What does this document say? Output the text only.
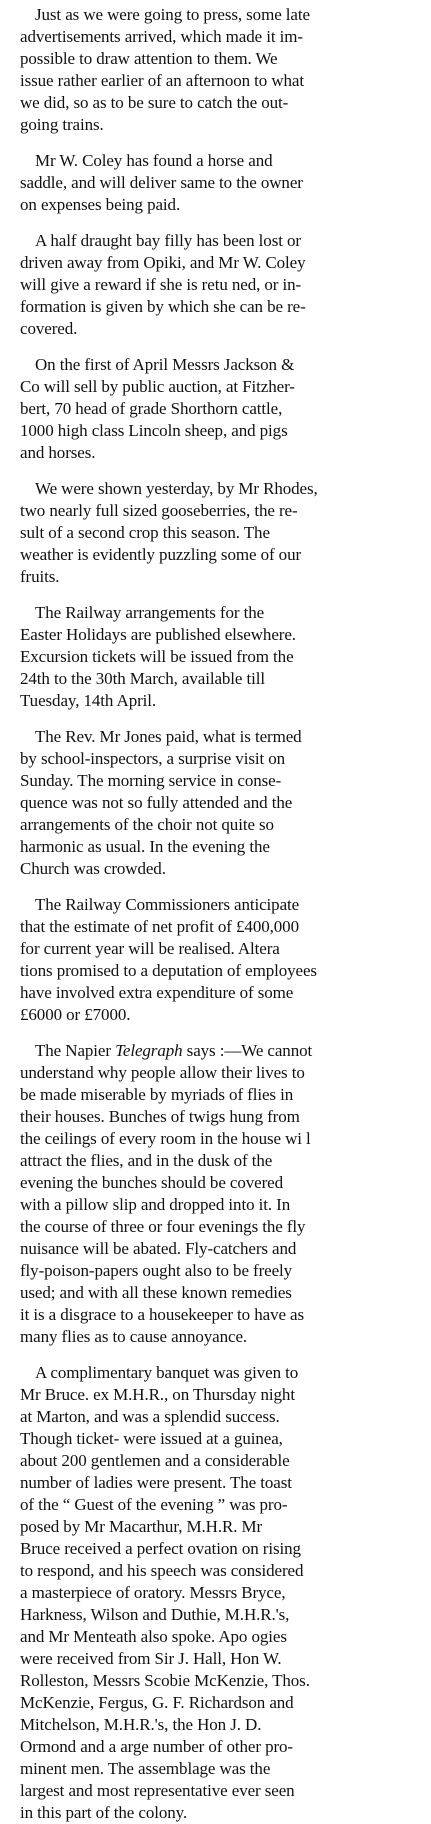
Just as we were going to press, some late
advertisements arrived, which made it im-
possible to draw attention to them. We
issue rather earlier of an afternoon to what
we did, so as to be sure to catch the out-
going trains.

Mr W. Coley has found a horse and
saddle, and will deliver same to the owner
on expenses being paid.

A half draught bay filly has been lost or
driven away from Opiki, and Mr W. Coley
will give a reward if she is retu ned, or in-
formation is given by which she can be re-
covered.

On the first of April Messrs Jackson &
Co will sell by public auction, at Fitzher-
bert, 70 head of grade Shorthorn cattle,
1000 high class Lincoln sheep, and pigs
and horses.

We were shown yesterday, by Mr Rhodes,
two nearly full sized gooseberries, the re-
sult of a second crop this season. The
weather is evidently puzzling some of our
fruits.

The Railway arrangements for the
Easter Holidays are published elsewhere.
Excursion tickets will be issued from the
24th to the 30th March, available till
Tuesday, 14th April.

The Rev. Mr Jones paid, what is termed
by school-inspectors, a surprise visit on
Sunday. The morning service in conse-
quence was not so fully attended and the
arrangements of the choir not quite so
harmonic as usual. In the evening the
Church was crowded.

The Railway Commissioners anticipate
that the estimate of net profit of £400,000
for current year will be realised. Altera
tions promised to a deputation of employees
have involved extra expenditure of some
£6000 or £7000.

The Napier Telegraph says :—We cannot
understand why people allow their lives to
be made miserable by myriads of flies in
their houses. Bunches of twigs hung from
the ceilings of every room in the house wi l
attract the flies, and in the dusk of the
evening the bunches should be covered
with a pillow slip and dropped into it. In
the course of three or four evenings the fly
nuisance will be abated. Fly-catchers and
fly-poison-papers ought also to be freely
used; and with all these known remedies
it is a disgrace to a housekeeper to have as
many flies as to cause annoyance.

A complimentary banquet was given to
Mr Bruce. ex M.H.R., on Thursday night
at Marton, and was a splendid success.
Though ticket- were issued at a guinea,
about 200 gentlemen and a considerable
number of ladies were present. The toast
of the “ Guest of the evening ” was pro-
posed by Mr Macarthur, M.H.R. Mr
Bruce received a perfect ovation on rising
to respond, and his speech was considered
a masterpiece of oratory. Messrs Bryce,
Harkness, Wilson and Duthie, M.H.R.'s,
and Mr Menteath also spoke. Apo ogies
were received from Sir J. Hall, Hon W.
Rolleston, Messrs Scobie McKenzie, Thos.
McKenzie, Fergus, G. F. Richardson and
Mitchelson, M.H.R.'s, the Hon J. D.
Ormond and a arge number of other pro-
minent men. The assemblage was the
largest and most representative ever seen
in this part of the colony.
